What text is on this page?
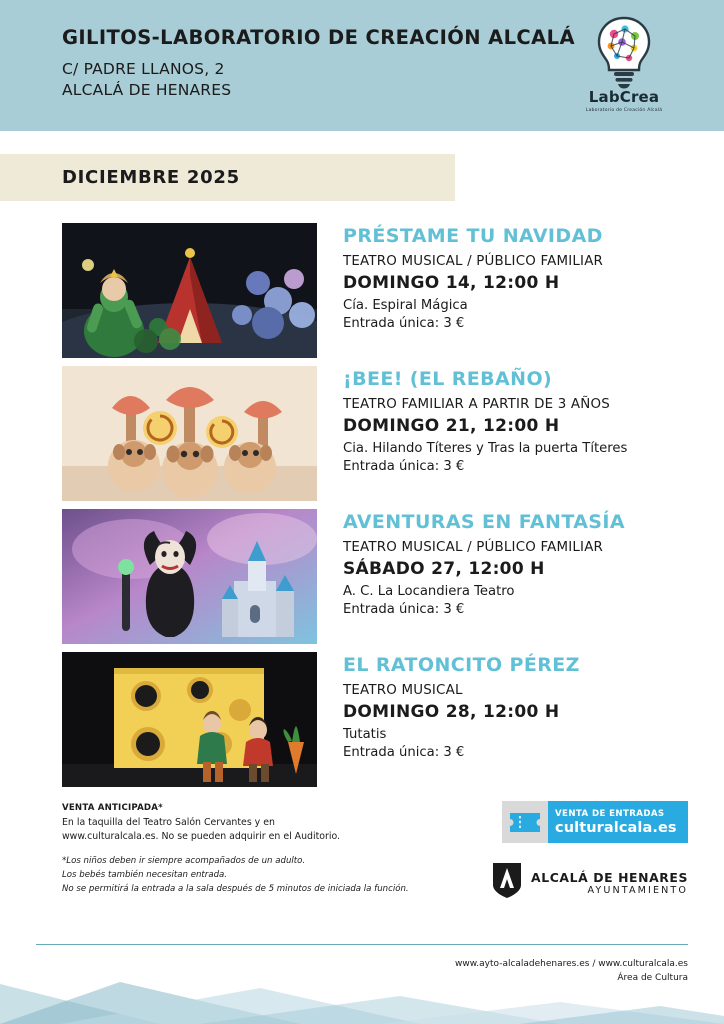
GILITOS-LABORATORIO DE CREACIÓN ALCALÁ
C/ PADRE LLANOS, 2
ALCALÁ DE HENARES	LabCrea
Laboratorio de Creación Alcalá
DICIEMBRE 2025
PRÉSTAME TU NAVIDAD
TEATRO MUSICAL / PÚBLICO FAMILIAR
DOMINGO 14, 12:00 H
Cía. Espiral Mágica
Entrada única: 3 €
¡BEE! (EL REBAÑO)
TEATRO FAMILIAR A PARTIR DE 3 AÑOS
DOMINGO 21, 12:00 H
Cia. Hilando Títeres y Tras la puerta Títeres
Entrada única: 3 €
AVENTURAS EN FANTASÍA
TEATRO MUSICAL / PÚBLICO FAMILIAR
SÁBADO 27, 12:00 H
A. C. La Locandiera Teatro
Entrada única: 3 €
EL RATONCITO PÉREZ
TEATRO MUSICAL
DOMINGO 28, 12:00 H
Tutatis
Entrada única: 3 €
VENTA ANTICIPADA*
En la taquilla del Teatro Salón Cervantes y en
www.culturalcala.es. No se pueden adquirir en el Auditorio.
*Los niños deben ir siempre acompañados de un adulto.
Los bebés también necesitan entrada.
No se permitirá la entrada a la sala después de 5 minutos de iniciada la función.
VENTA DE ENTRADAS
culturalcala.es
ALCALÁ DE HENARES
AYUNTAMIENTO
www.ayto-alcaladehenares.es / www.culturalcala.es
Área de Cultura
